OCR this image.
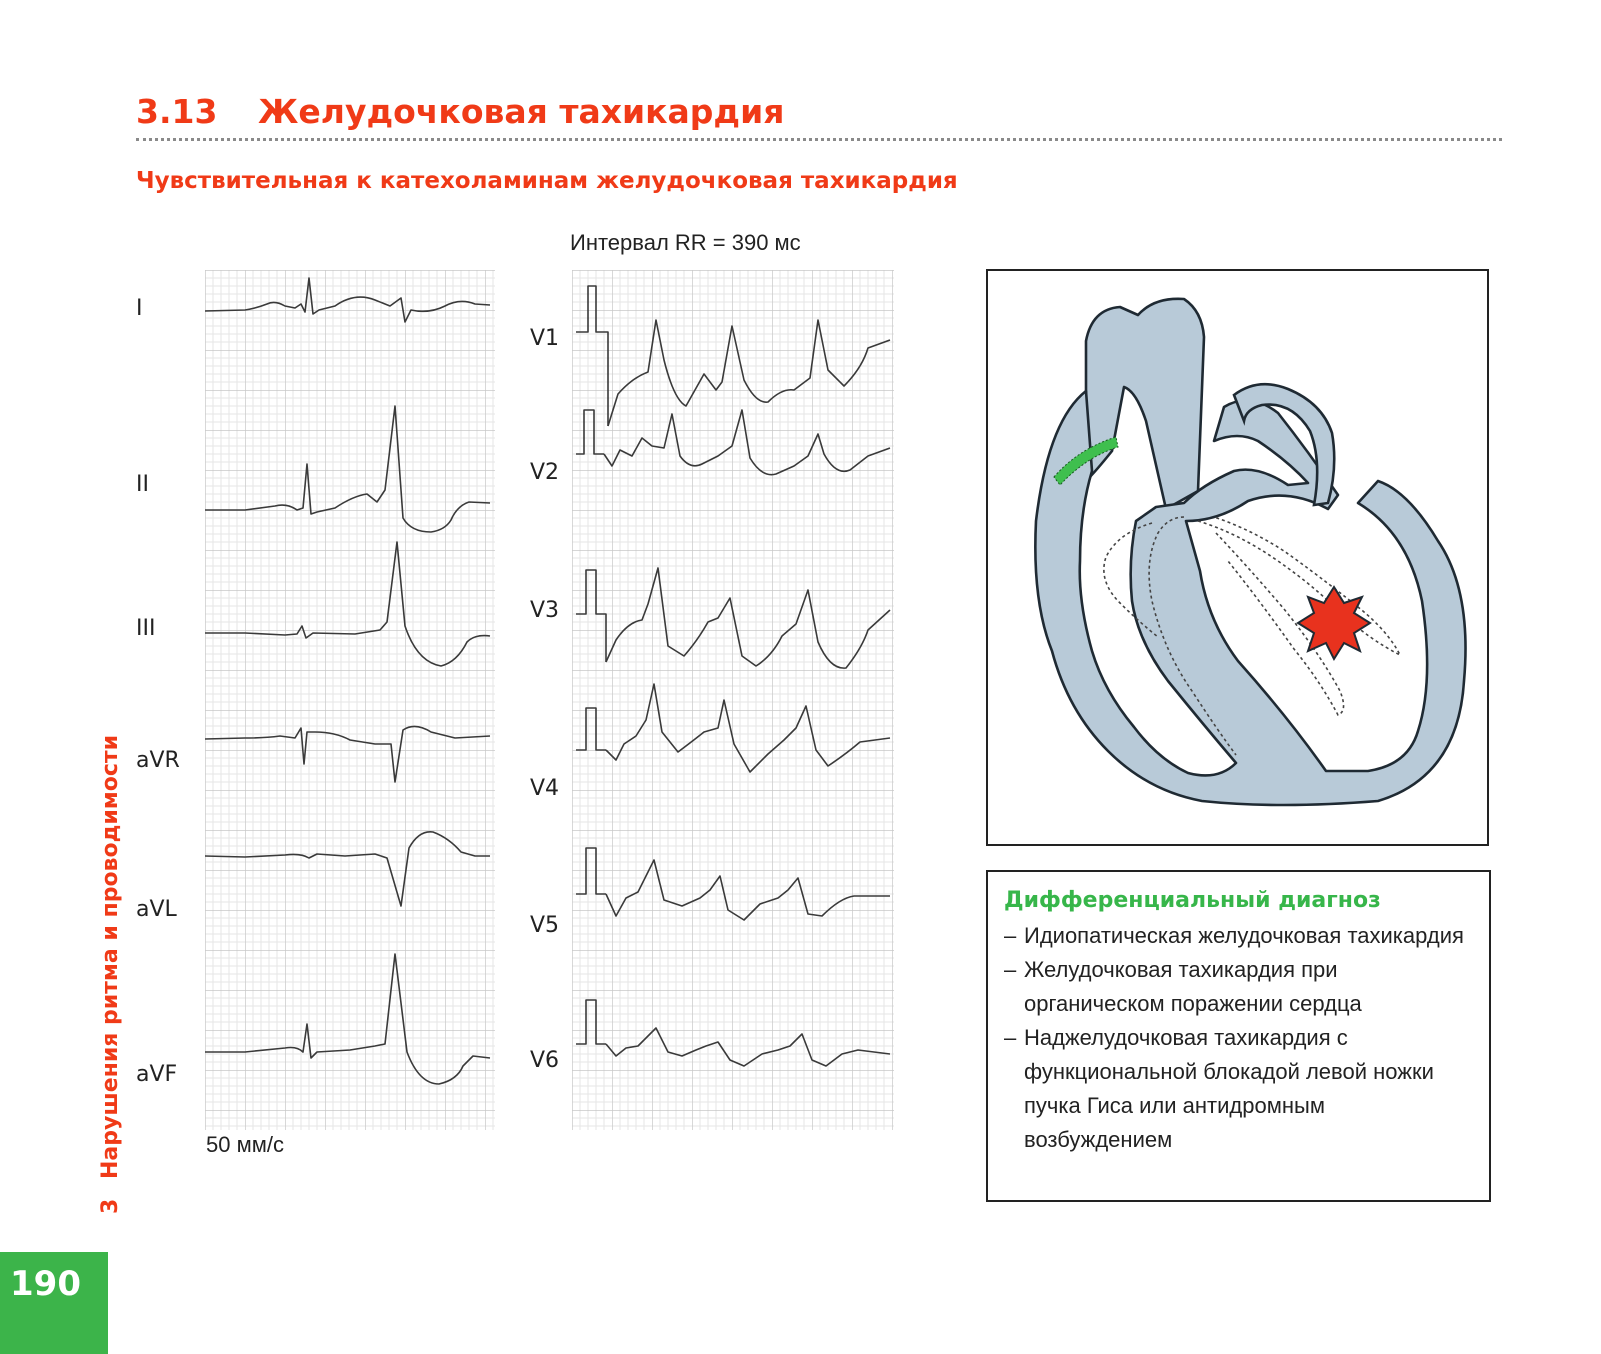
3.13 Желудочковая тахикардия
Чувствительная к катехоламинам желудочковая тахикардия
Интервал RR = 390 мс
I
II
III
aVR
aVL
aVF
V1
V2
V3
V4
V5
V6
50 мм/с
Дифференциальный диагноз
– Идиопатическая желудочковая тахикардия
– Желудочковая тахикардия при органическом поражении сердца
– Наджелудочковая тахикардия с функциональной блокадой левой ножки пучка Гиса или антидромным возбуждением
3 Нарушения ритма и проводимости
190
